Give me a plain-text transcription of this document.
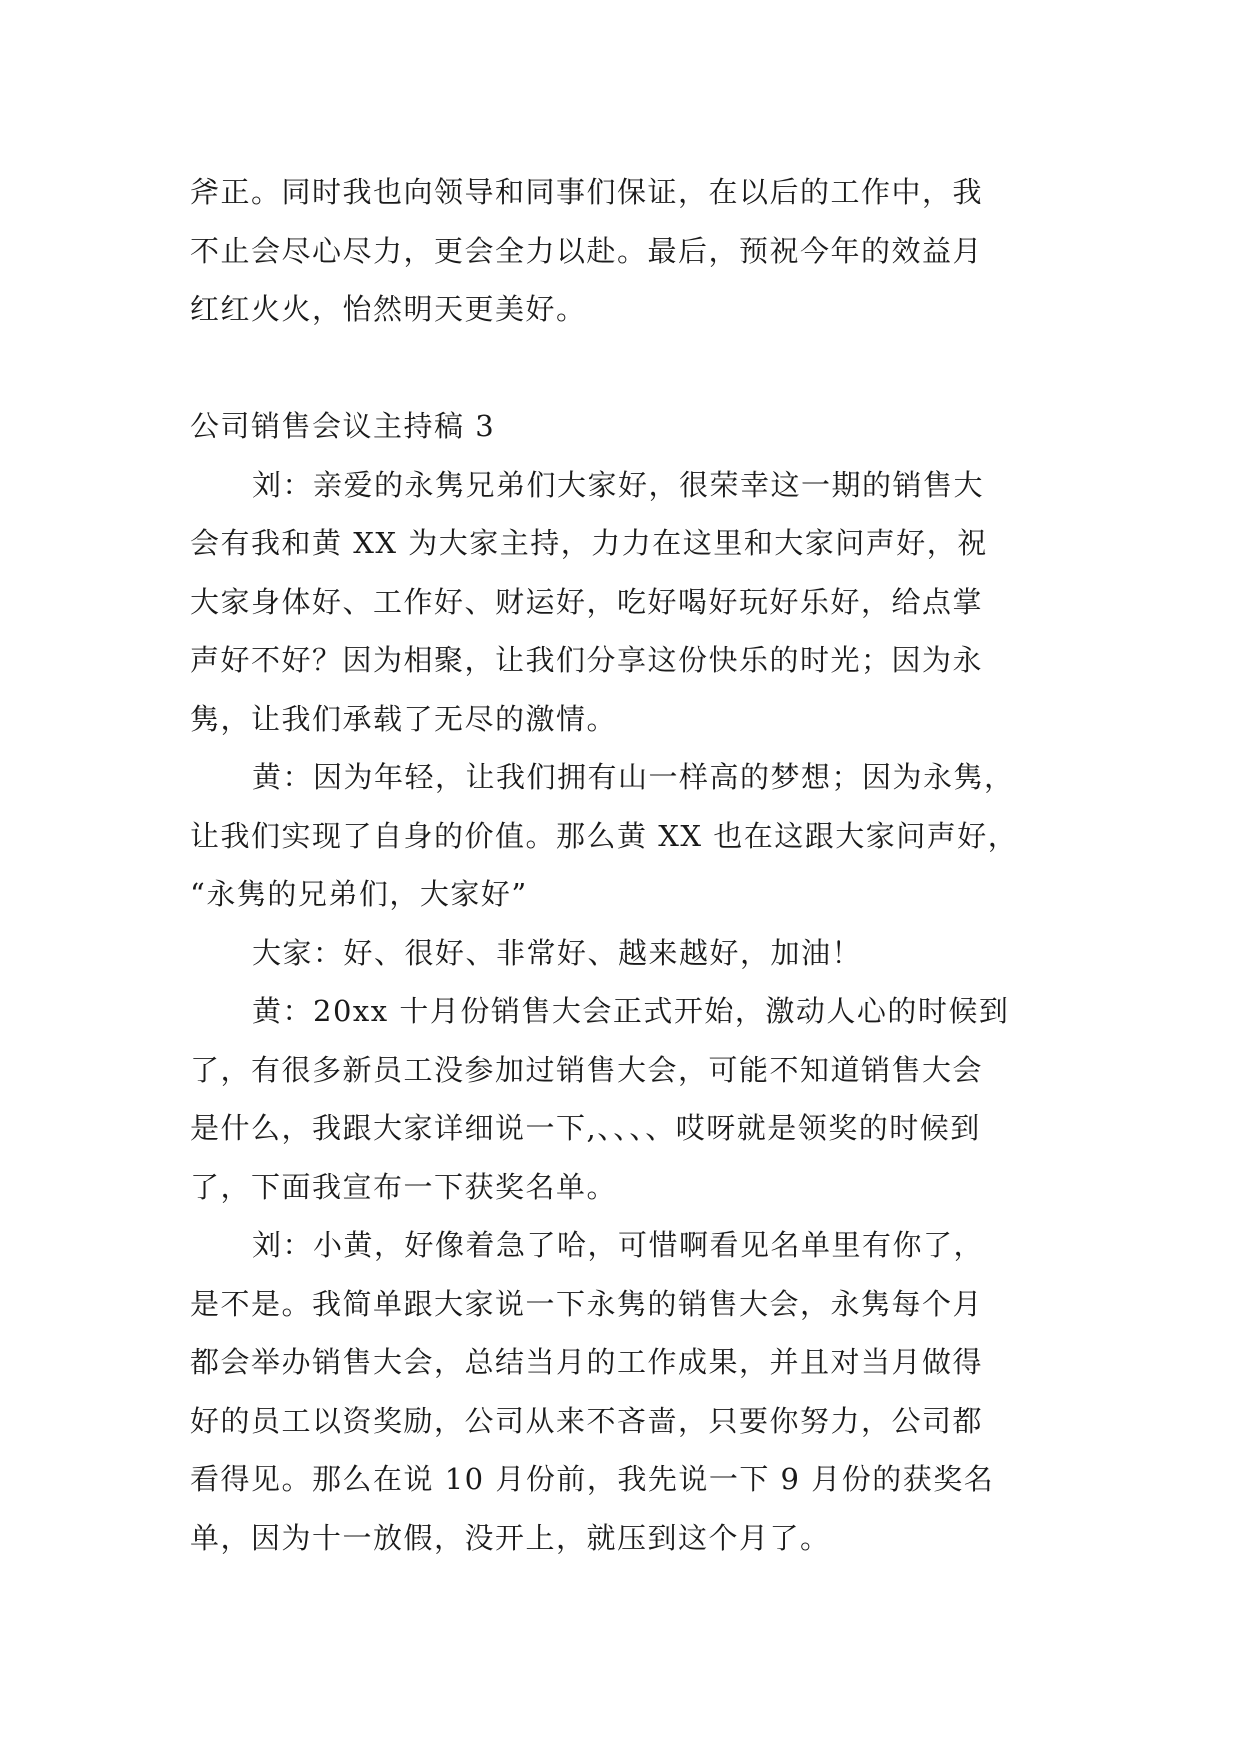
斧正。同时我也向领导和同事们保证，在以后的工作中，我
不止会尽心尽力，更会全力以赴。最后，预祝今年的效益月
红红火火，怡然明天更美好。
公司销售会议主持稿 3
刘：亲爱的永隽兄弟们大家好，很荣幸这一期的销售大
会有我和黄 XX 为大家主持，力力在这里和大家问声好，祝
大家身体好、工作好、财运好，吃好喝好玩好乐好，给点掌
声好不好？因为相聚，让我们分享这份快乐的时光；因为永
隽，让我们承载了无尽的激情。
黄：因为年轻，让我们拥有山一样高的梦想；因为永隽，
让我们实现了自身的价值。那么黄 XX 也在这跟大家问声好，
“永隽的兄弟们，大家好”
大家：好、很好、非常好、越来越好，加油！
黄：20xx 十月份销售大会正式开始，激动人心的时候到
了，有很多新员工没参加过销售大会，可能不知道销售大会
是什么，我跟大家详细说一下,、、、、哎呀就是领奖的时候到
了，下面我宣布一下获奖名单。
刘：小黄，好像着急了哈，可惜啊看见名单里有你了，
是不是。我简单跟大家说一下永隽的销售大会，永隽每个月
都会举办销售大会，总结当月的工作成果，并且对当月做得
好的员工以资奖励，公司从来不吝啬，只要你努力，公司都
看得见。那么在说 10 月份前，我先说一下 9 月份的获奖名
单，因为十一放假，没开上，就压到这个月了。
